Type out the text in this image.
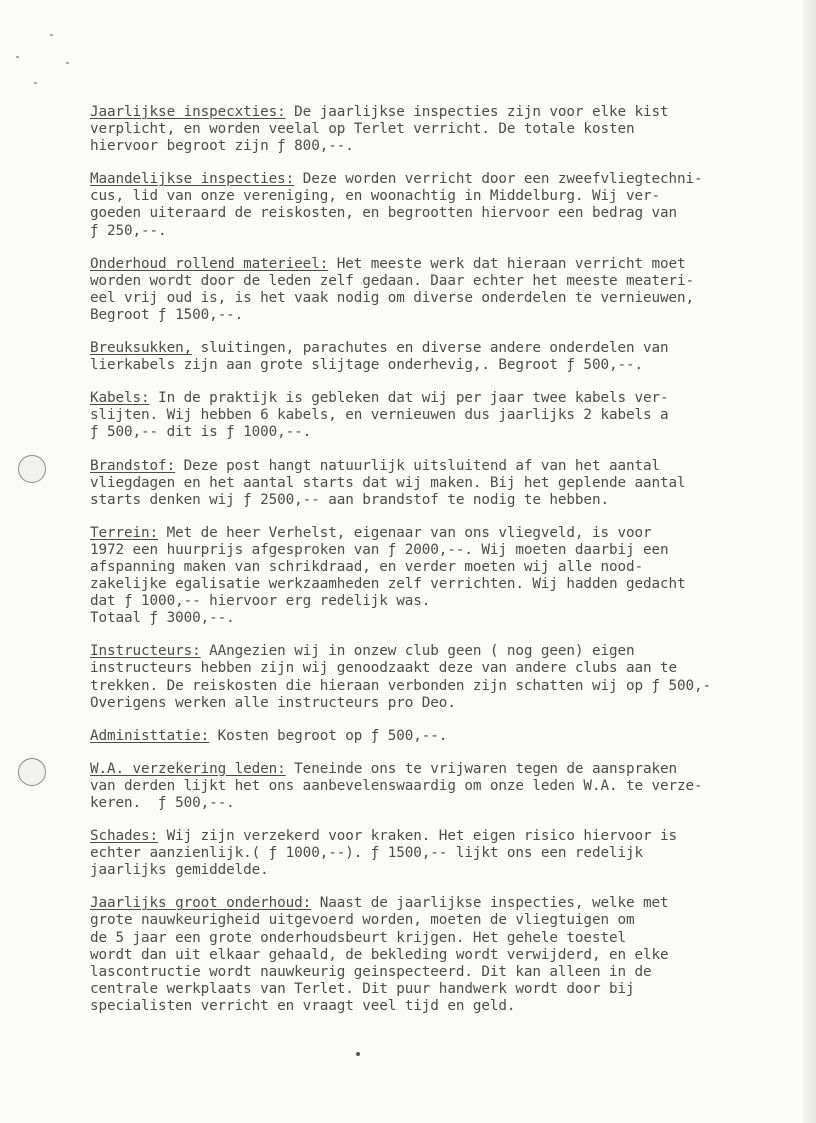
Jaarlijkse inspecxties: De jaarlijkse inspecties zijn voor elke kist
verplicht, en worden veelal op Terlet verricht. De totale kosten
hiervoor begroot zijn ƒ 800,--.
Maandelijkse inspecties: Deze worden verricht door een zweefvliegtechni-
cus, lid van onze vereniging, en woonachtig in Middelburg. Wij ver-
goeden uiteraard de reiskosten, en begrootten hiervoor een bedrag van
ƒ 250,--.
Onderhoud rollend materieel: Het meeste werk dat hieraan verricht moet
worden wordt door de leden zelf gedaan. Daar echter het meeste meateri-
eel vrij oud is, is het vaak nodig om diverse onderdelen te vernieuwen,
Begroot ƒ 1500,--.
Breuksukken, sluitingen, parachutes en diverse andere onderdelen van
lierkabels zijn aan grote slijtage onderhevig,. Begroot ƒ 500,--.
Kabels: In de praktijk is gebleken dat wij per jaar twee kabels ver-
slijten. Wij hebben 6 kabels, en vernieuwen dus jaarlijks 2 kabels a
ƒ 500,-- dit is ƒ 1000,--.
Brandstof: Deze post hangt natuurlijk uitsluitend af van het aantal
vliegdagen en het aantal starts dat wij maken. Bij het geplende aantal
starts denken wij ƒ 2500,-- aan brandstof te nodig te hebben.
Terrein: Met de heer Verhelst, eigenaar van ons vliegveld, is voor
1972 een huurprijs afgesproken van ƒ 2000,--. Wij moeten daarbij een
afspanning maken van schrikdraad, en verder moeten wij alle nood-
zakelijke egalisatie werkzaamheden zelf verrichten. Wij hadden gedacht
dat ƒ 1000,-- hiervoor erg redelijk was.
Totaal ƒ 3000,--.
Instructeurs: AAngezien wij in onzew club geen ( nog geen) eigen
instructeurs hebben zijn wij genoodzaakt deze van andere clubs aan te
trekken. De reiskosten die hieraan verbonden zijn schatten wij op ƒ 500,-
Overigens werken alle instructeurs pro Deo.
Administtatie: Kosten begroot op ƒ 500,--.
W.A. verzekering leden: Teneinde ons te vrijwaren tegen de aanspraken
van derden lijkt het ons aanbevelenswaardig om onze leden W.A. te verze-
keren.  ƒ 500,--.
Schades: Wij zijn verzekerd voor kraken. Het eigen risico hiervoor is
echter aanzienlijk.( ƒ 1000,--). ƒ 1500,-- lijkt ons een redelijk
jaarlijks gemiddelde.
Jaarlijks groot onderhoud: Naast de jaarlijkse inspecties, welke met
grote nauwkeurigheid uitgevoerd worden, moeten de vliegtuigen om
de 5 jaar een grote onderhoudsbeurt krijgen. Het gehele toestel
wordt dan uit elkaar gehaald, de bekleding wordt verwijderd, en elke
lascontructie wordt nauwkeurig geinspecteerd. Dit kan alleen in de
centrale werkplaats van Terlet. Dit puur handwerk wordt door bij
specialisten verricht en vraagt veel tijd en geld.
